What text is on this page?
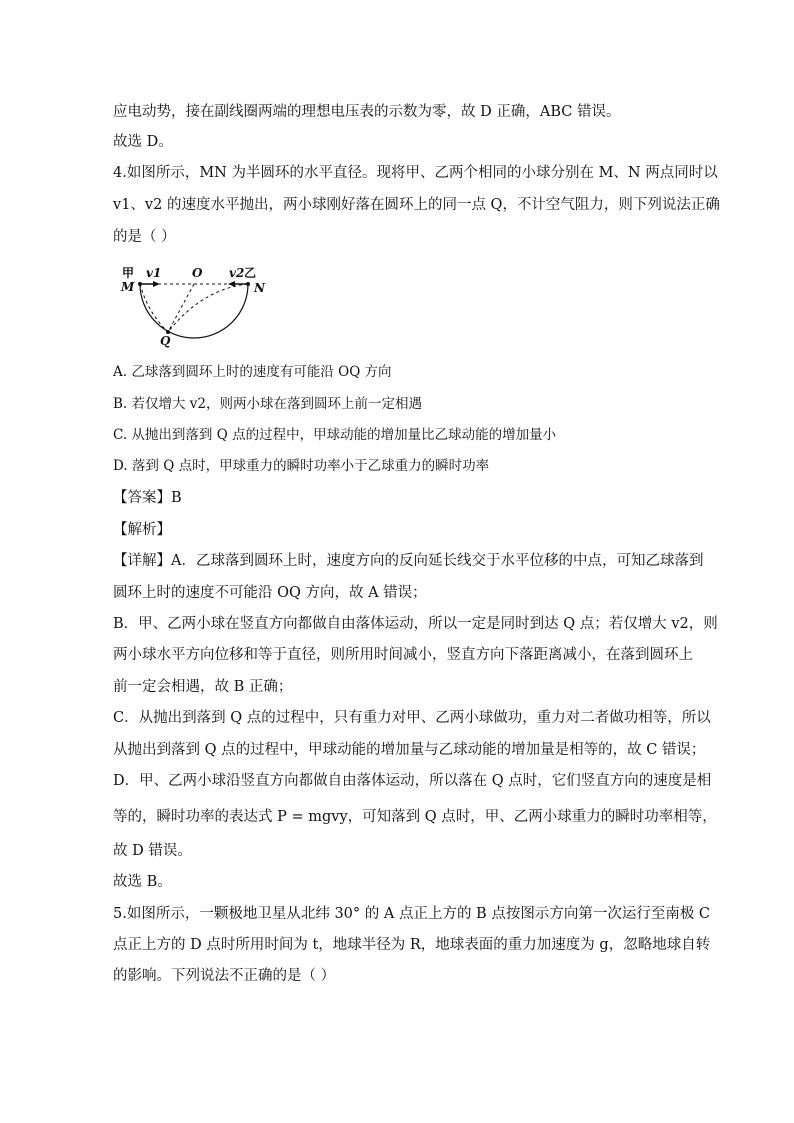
应电动势，接在副线圈两端的理想电压表的示数为零，故 D 正确，ABC 错误。
故选 D。
4.如图所示，MN 为半圆环的水平直径。现将甲、乙两个相同的小球分别在 M、N 两点同时以
v1、v2 的速度水平抛出，两小球刚好落在圆环上的同一点 Q，不计空气阻力，则下列说法正确
的是（ ）
甲 v1	O v2 乙
M	N
Q
A. 乙球落到圆环上时的速度有可能沿 OQ 方向
B. 若仅增大 v2，则两小球在落到圆环上前一定相遇
C. 从抛出到落到 Q 点的过程中，甲球动能的增加量比乙球动能的增加量小
D. 落到 Q 点时，甲球重力的瞬时功率小于乙球重力的瞬时功率
【答案】B
【解析】
【详解】A．乙球落到圆环上时，速度方向的反向延长线交于水平位移的中点，可知乙球落到
圆环上时的速度不可能沿 OQ 方向，故 A 错误；
B．甲、乙两小球在竖直方向都做自由落体运动，所以一定是同时到达 Q 点；若仅增大 v2，则
两小球水平方向位移和等于直径，则所用时间减小，竖直方向下落距离减小，在落到圆环上
前一定会相遇，故 B 正确；
C．从抛出到落到 Q 点的过程中，只有重力对甲、乙两小球做功，重力对二者做功相等，所以
从抛出到落到 Q 点的过程中，甲球动能的增加量与乙球动能的增加量是相等的，故 C 错误；
D．甲、乙两小球沿竖直方向都做自由落体运动，所以落在 Q 点时，它们竖直方向的速度是相
等的，瞬时功率的表达式 P = mgvy，可知落到 Q 点时，甲、乙两小球重力的瞬时功率相等，
故 D 错误。
故选 B。
5.如图所示，一颗极地卫星从北纬 30° 的 A 点正上方的 B 点按图示方向第一次运行至南极 C
点正上方的 D 点时所用时间为 t，地球半径为 R，地球表面的重力加速度为 g，忽略地球自转
的影响。下列说法不正确的是（ ）
